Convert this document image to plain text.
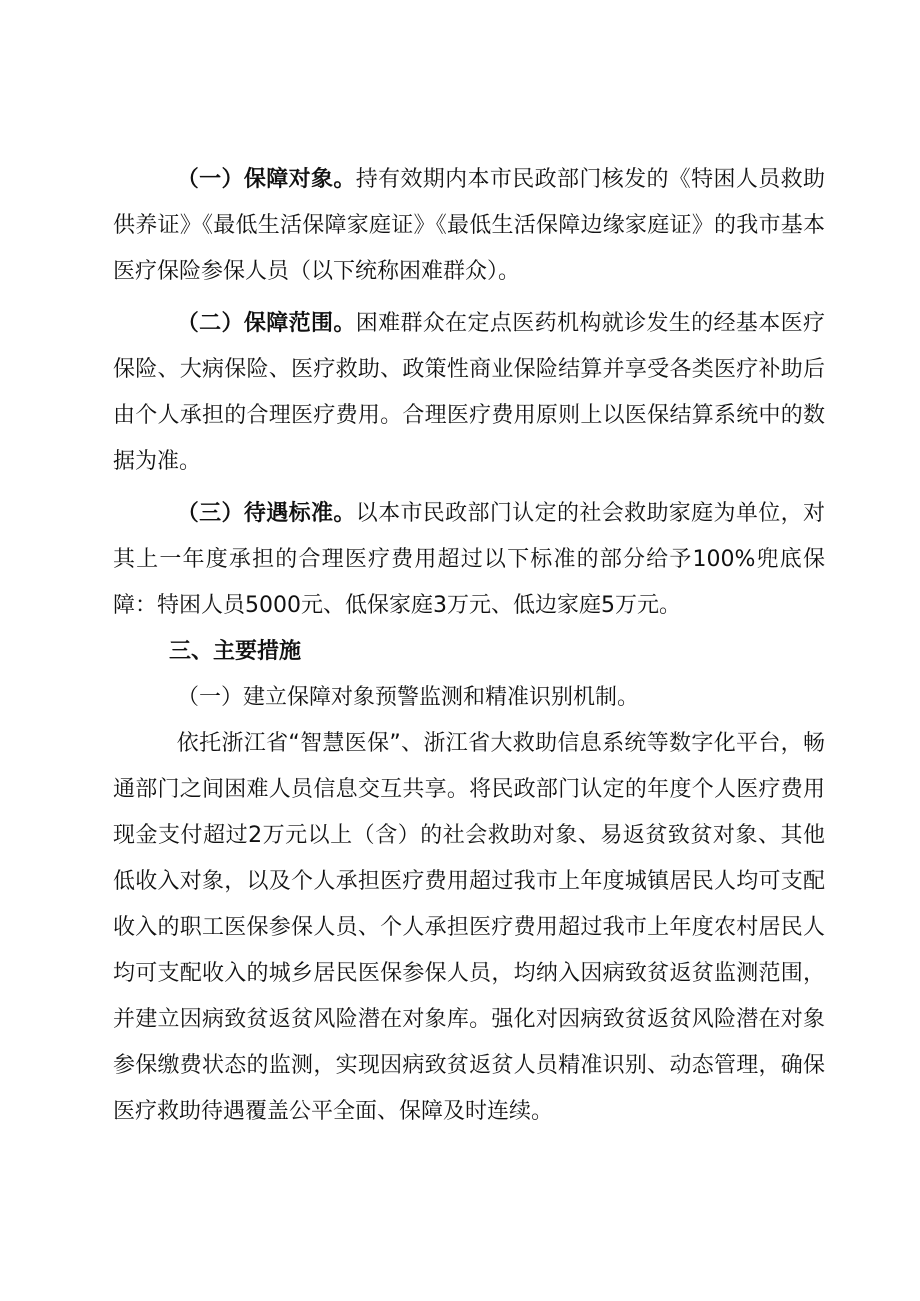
（一）保障对象。持有效期内本市民政部门核发的《特困人员救助供养证》《最低生活保障家庭证》《最低生活保障边缘家庭证》的我市基本医疗保险参保人员（以下统称困难群众）。

（二）保障范围。困难群众在定点医药机构就诊发生的经基本医疗保险、大病保险、医疗救助、政策性商业保险结算并享受各类医疗补助后由个人承担的合理医疗费用。合理医疗费用原则上以医保结算系统中的数据为准。

（三）待遇标准。以本市民政部门认定的社会救助家庭为单位，对其上一年度承担的合理医疗费用超过以下标准的部分给予100%兜底保障：特困人员5000元、低保家庭3万元、低边家庭5万元。

三、主要措施

（一）建立保障对象预警监测和精准识别机制。

依托浙江省“智慧医保”、浙江省大救助信息系统等数字化平台，畅通部门之间困难人员信息交互共享。将民政部门认定的年度个人医疗费用现金支付超过2万元以上（含）的社会救助对象、易返贫致贫对象、其他低收入对象，以及个人承担医疗费用超过我市上年度城镇居民人均可支配收入的职工医保参保人员、个人承担医疗费用超过我市上年度农村居民人均可支配收入的城乡居民医保参保人员，均纳入因病致贫返贫监测范围，并建立因病致贫返贫风险潜在对象库。强化对因病致贫返贫风险潜在对象参保缴费状态的监测，实现因病致贫返贫人员精准识别、动态管理，确保医疗救助待遇覆盖公平全面、保障及时连续。
